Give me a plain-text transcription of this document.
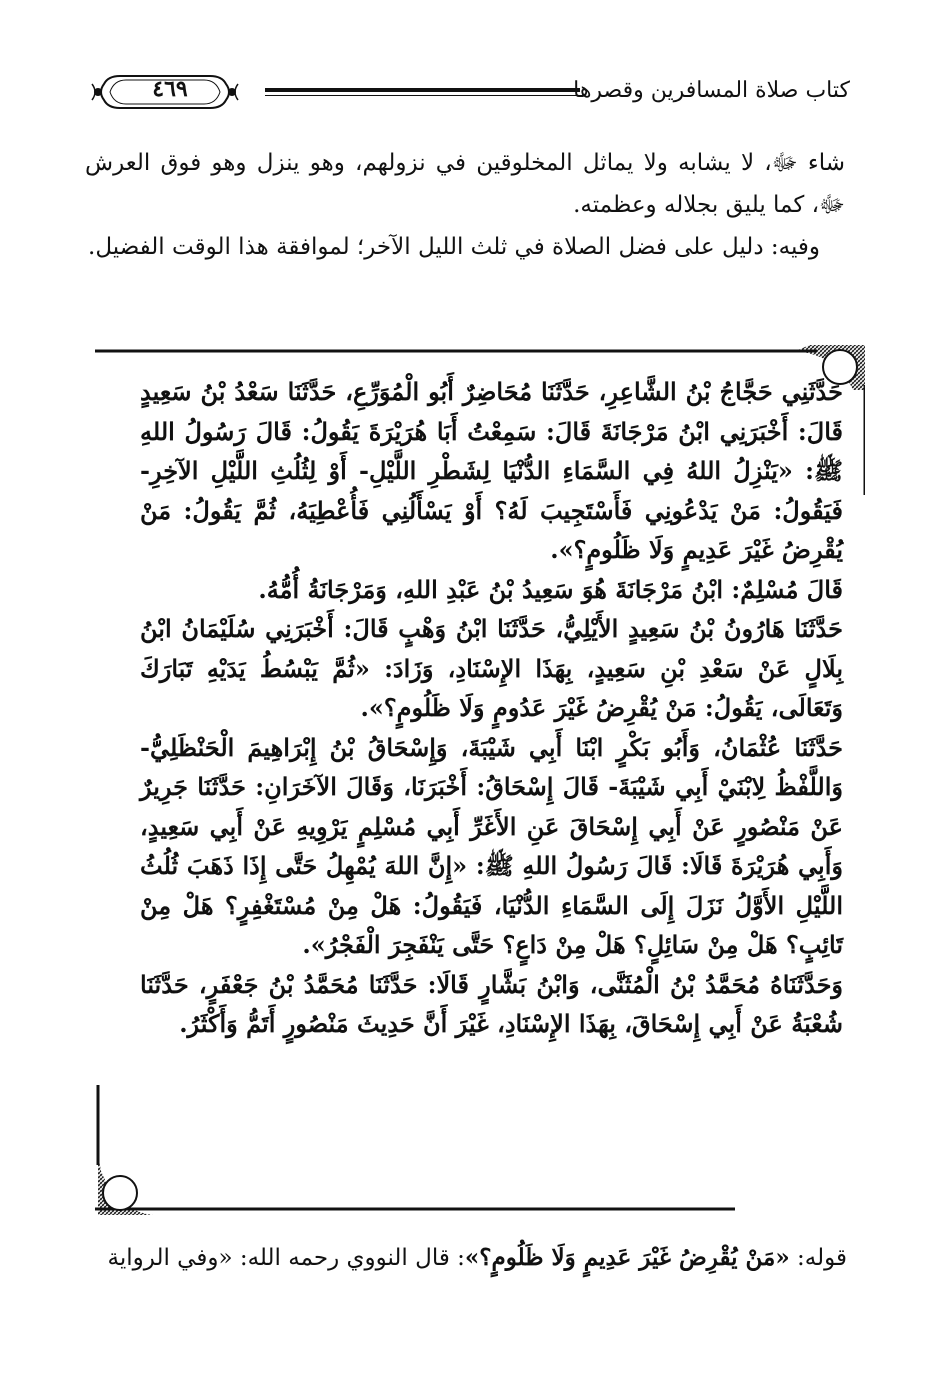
كتاب صلاة المسافرين وقصرها
٤٦٩

شاء ﷻ، لا يشابه ولا يماثل المخلوقين في نزولهم، وهو ينزل وهو فوق العرش ﷻ، كما يليق بجلاله وعظمته.

وفيه: دليل على فضل الصلاة في ثلث الليل الآخر؛ لموافقة هذا الوقت الفضيل.

حَدَّثَنِي حَجَّاجُ بْنُ الشَّاعِرِ، حَدَّثَنَا مُحَاضِرٌ أَبُو الْمُوَرِّعِ، حَدَّثَنَا سَعْدُ بْنُ سَعِيدٍ قَالَ: أَخْبَرَنِي ابْنُ مَرْجَانَةَ قَالَ: سَمِعْتُ أَبَا هُرَيْرَةَ يَقُولُ: قَالَ رَسُولُ اللهِ ﷺ: «يَنْزِلُ اللهُ فِي السَّمَاءِ الدُّنْيَا لِشَطْرِ اللَّيْلِ- أَوْ لِثُلُثِ اللَّيْلِ الآخِرِ- فَيَقُولُ: مَنْ يَدْعُونِي فَأَسْتَجِيبَ لَهُ؟ أَوْ يَسْأَلُنِي فَأُعْطِيَهُ، ثُمَّ يَقُولُ: مَنْ يُقْرِضُ غَيْرَ عَدِيمٍ وَلَا ظَلُومٍ؟».

قَالَ مُسْلِمٌ: ابْنُ مَرْجَانَةَ هُوَ سَعِيدُ بْنُ عَبْدِ اللهِ، وَمَرْجَانَةُ أُمُّهُ.

حَدَّثَنَا هَارُونُ بْنُ سَعِيدٍ الأَيْلِيُّ، حَدَّثَنَا ابْنُ وَهْبٍ قَالَ: أَخْبَرَنِي سُلَيْمَانُ ابْنُ بِلَالٍ عَنْ سَعْدِ بْنِ سَعِيدٍ، بِهَذَا الإِسْنَادِ، وَزَادَ: «ثُمَّ يَبْسُطُ يَدَيْهِ تَبَارَكَ وَتَعَالَى، يَقُولُ: مَنْ يُقْرِضُ غَيْرَ عَدُومٍ وَلَا ظَلُومٍ؟».

حَدَّثَنَا عُثْمَانُ، وَأَبُو بَكْرٍ ابْنَا أَبِي شَيْبَةَ، وَإِسْحَاقُ بْنُ إِبْرَاهِيمَ الْحَنْظَلِيُّ- وَاللَّفْظُ لِابْنَيْ أَبِي شَيْبَةَ- قَالَ إِسْحَاقُ: أَخْبَرَنَا، وَقَالَ الآخَرَانِ: حَدَّثَنَا جَرِيرٌ عَنْ مَنْصُورٍ عَنْ أَبِي إِسْحَاقَ عَنِ الأَغَرِّ أَبِي مُسْلِمٍ يَرْوِيهِ عَنْ أَبِي سَعِيدٍ، وَأَبِي هُرَيْرَةَ قَالَا: قَالَ رَسُولُ اللهِ ﷺ: «إِنَّ اللهَ يُمْهِلُ حَتَّى إِذَا ذَهَبَ ثُلُثُ اللَّيْلِ الأَوَّلُ نَزَلَ إِلَى السَّمَاءِ الدُّنْيَا، فَيَقُولُ: هَلْ مِنْ مُسْتَغْفِرٍ؟ هَلْ مِنْ تَائِبٍ؟ هَلْ مِنْ سَائِلٍ؟ هَلْ مِنْ دَاعٍ؟ حَتَّى يَنْفَجِرَ الْفَجْرُ».

وَحَدَّثَنَاهُ مُحَمَّدُ بْنُ الْمُثَنَّى، وَابْنُ بَشَّارٍ قَالَا: حَدَّثَنَا مُحَمَّدُ بْنُ جَعْفَرٍ، حَدَّثَنَا شُعْبَةُ عَنْ أَبِي إِسْحَاقَ، بِهَذَا الإِسْنَادِ، غَيْرَ أَنَّ حَدِيثَ مَنْصُورٍ أَتَمُّ وَأَكْثَرُ.

قوله: «مَنْ يُقْرِضُ غَيْرَ عَدِيمٍ وَلَا ظَلُومٍ؟»: قال النووي رحمه الله: «وفي الرواية
